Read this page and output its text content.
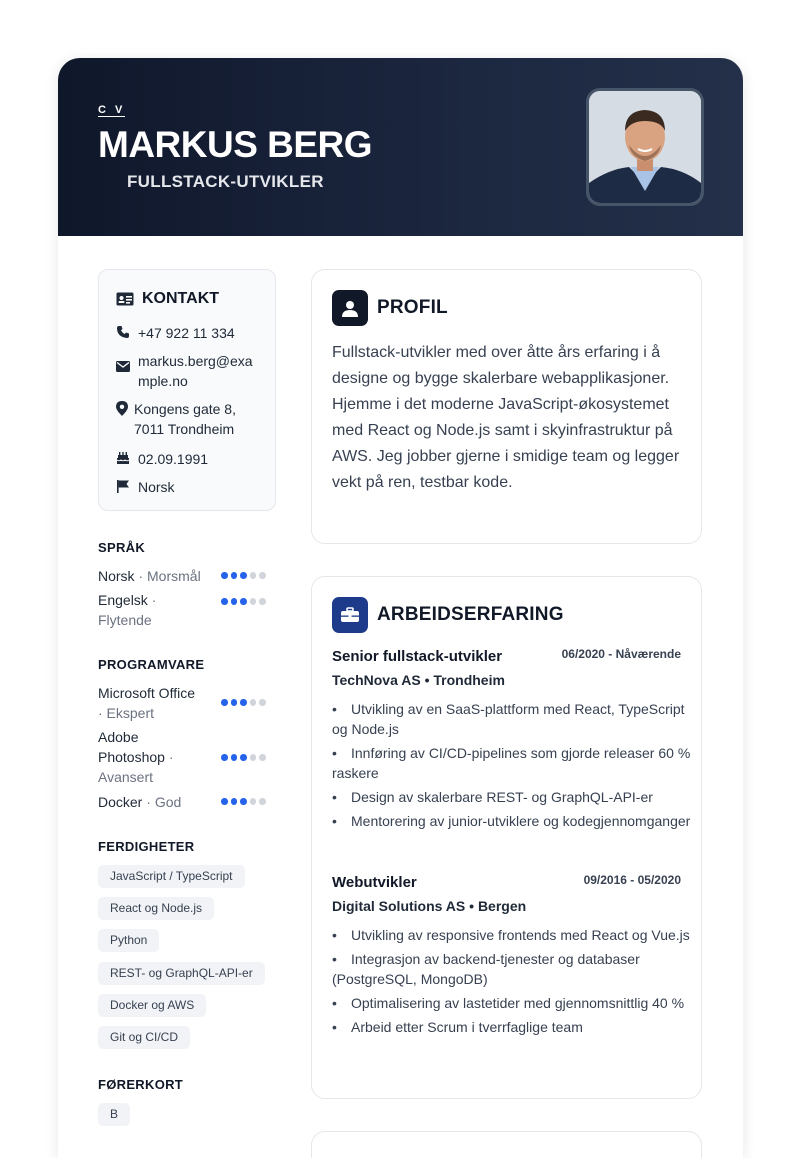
C V
MARKUS BERG
FULLSTACK-UTVIKLER
KONTAKT
+47 922 11 334
markus.berg@exa
mple.no
Kongens gate 8,
7011 Trondheim
02.09.1991
Norsk
SPRÅK
Norsk · Morsmål
Engelsk ·
Flytende
PROGRAMVARE
Microsoft Office
· Ekspert
Adobe
Photoshop ·
Avansert
Docker · God
FERDIGHETER
JavaScript / TypeScript
React og Node.js
Python
REST- og GraphQL-API-er
Docker og AWS
Git og CI/CD
FØRERKORT
B
PROFIL
Fullstack-utvikler med over åtte års erfaring i å designe og bygge skalerbare webapplikasjoner. Hjemme i det moderne JavaScript-økosystemet med React og Node.js samt i skyinfrastruktur på AWS. Jeg jobber gjerne i smidige team og legger vekt på ren, testbar kode.
ARBEIDSERFARING
Senior fullstack-utvikler	06/2020 - Nåværende
TechNova AS • Trondheim
• Utvikling av en SaaS-plattform med React, TypeScript og Node.js
• Innføring av CI/CD-pipelines som gjorde releaser 60 % raskere
• Design av skalerbare REST- og GraphQL-API-er
• Mentorering av junior-utviklere og kodegjennomganger
Webutvikler	09/2016 - 05/2020
Digital Solutions AS • Bergen
• Utvikling av responsive frontends med React og Vue.js
• Integrasjon av backend-tjenester og databaser (PostgreSQL, MongoDB)
• Optimalisering av lastetider med gjennomsnittlig 40 %
• Arbeid etter Scrum i tverrfaglige team
